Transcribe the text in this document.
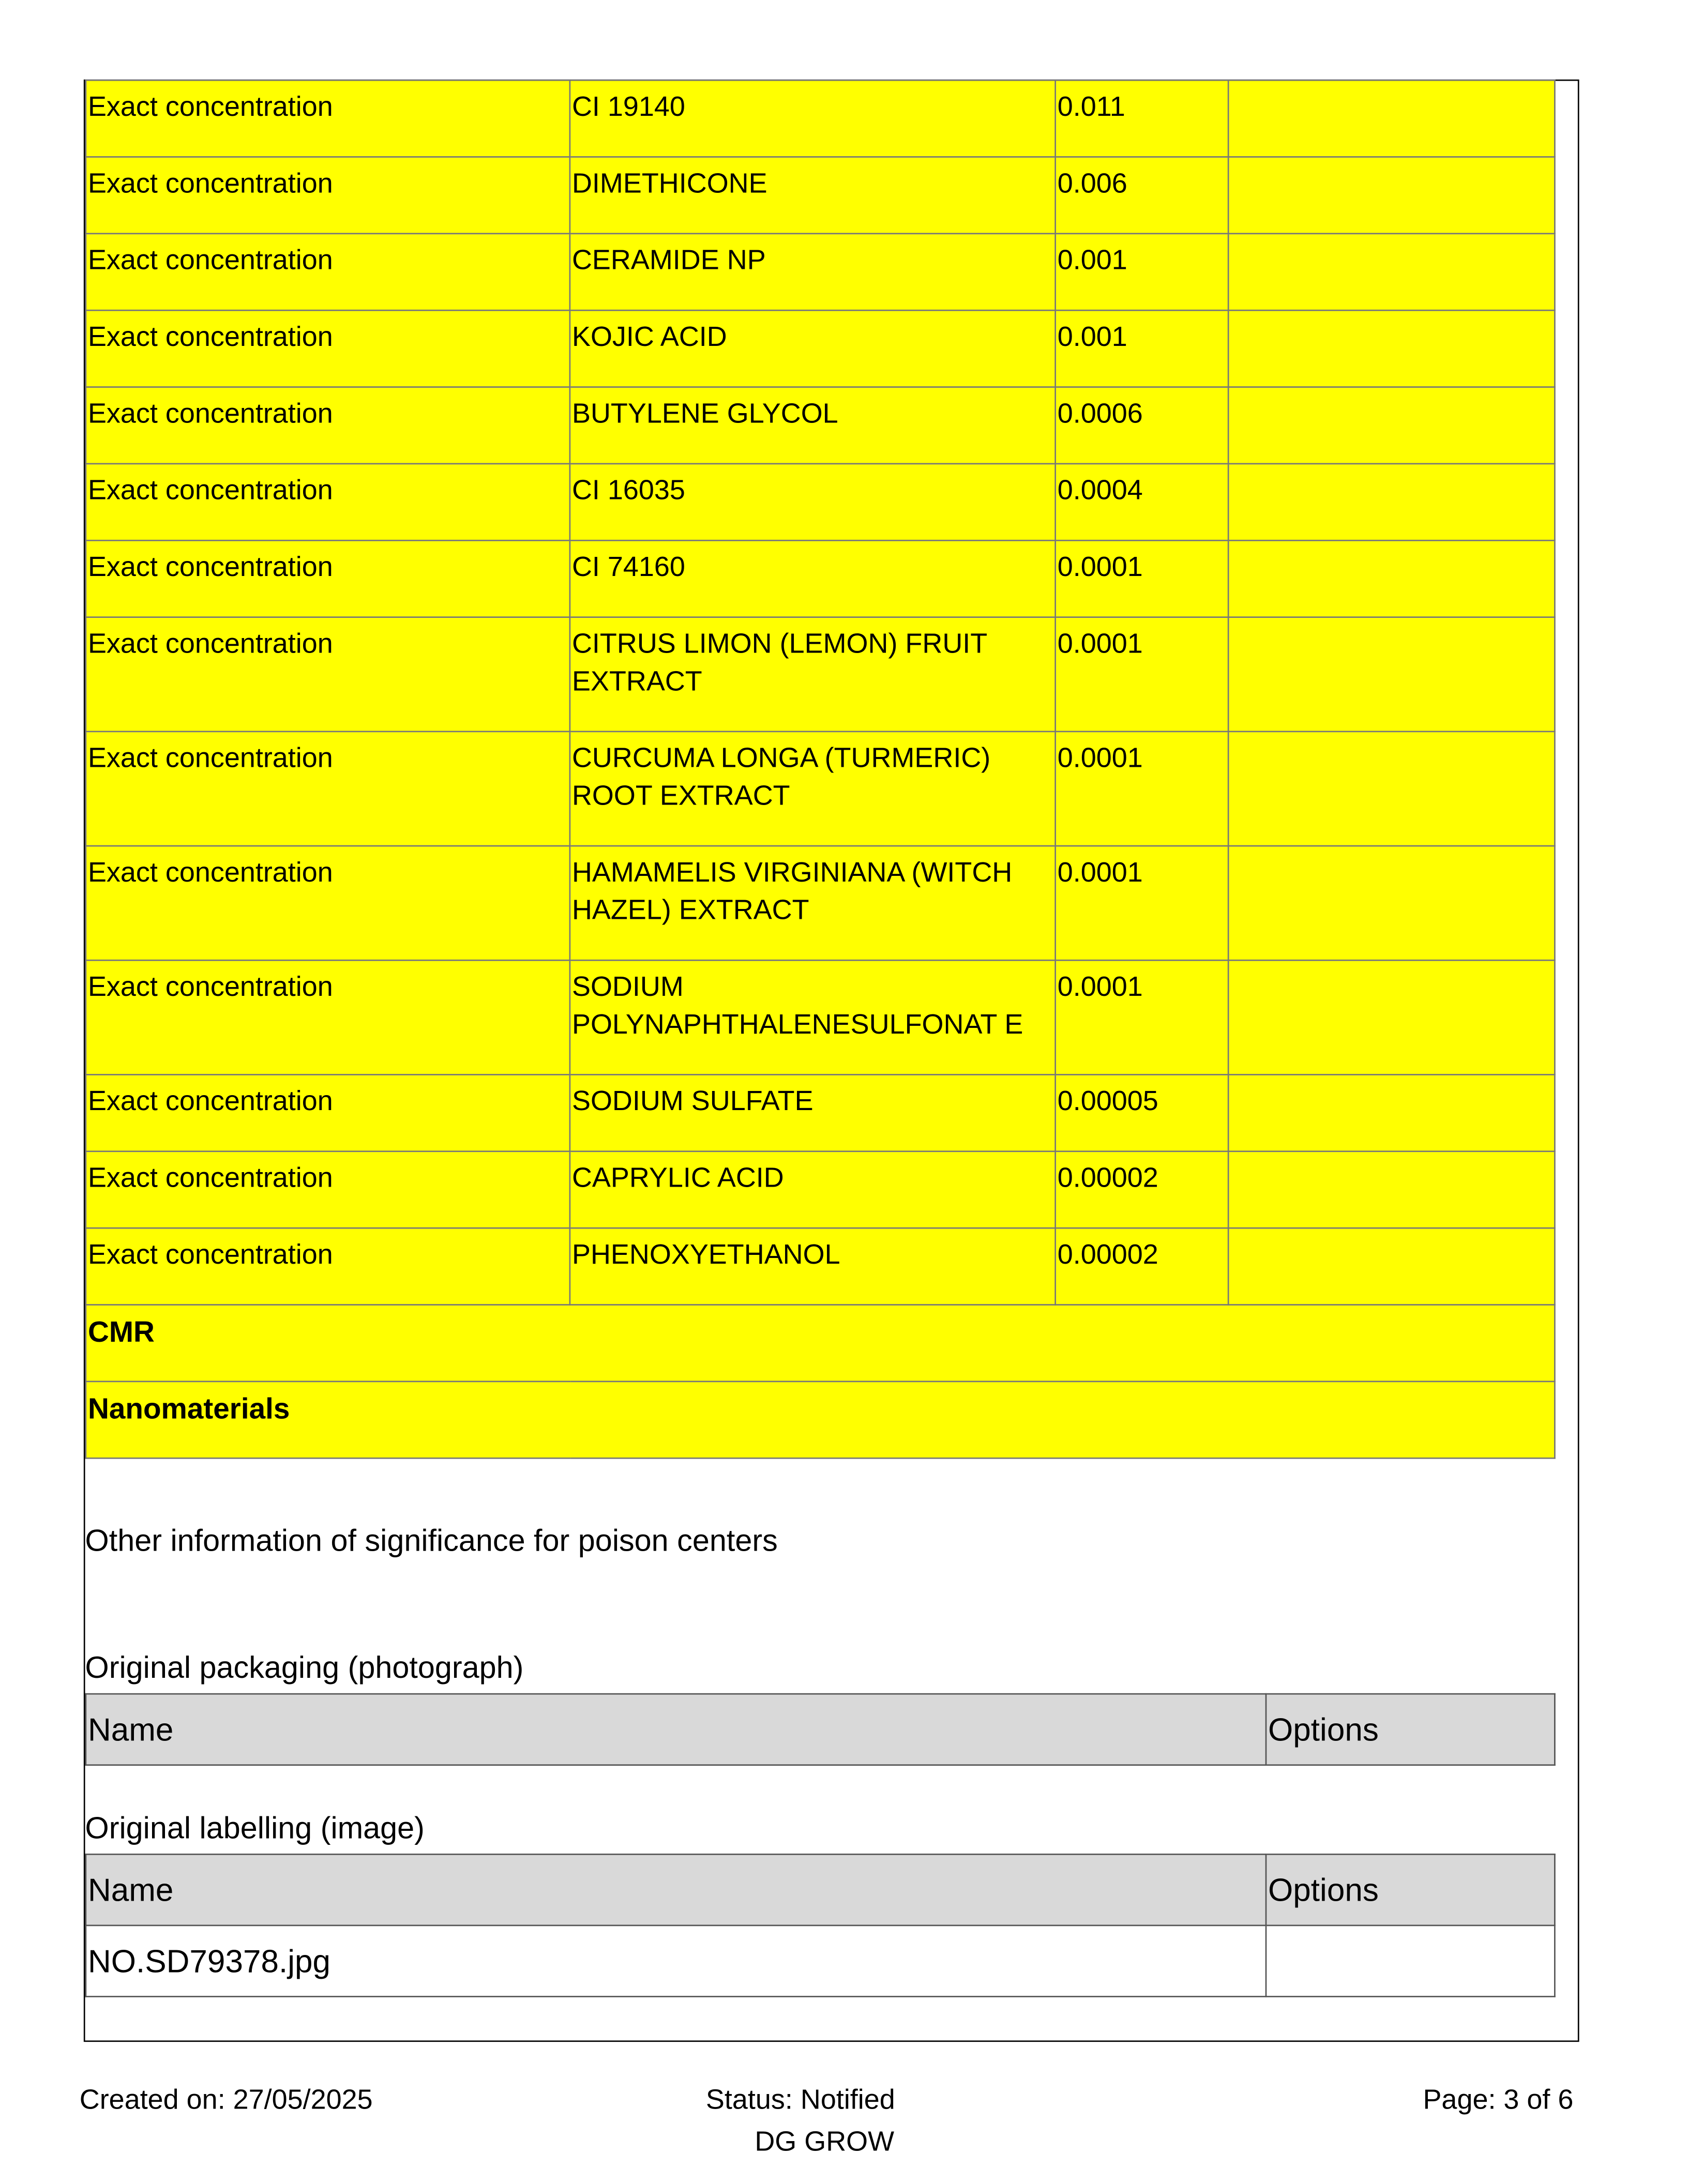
Exact concentration	CI 19140	0.011	
Exact concentration	DIMETHICONE	0.006	
Exact concentration	CERAMIDE NP	0.001	
Exact concentration	KOJIC ACID	0.001	
Exact concentration	BUTYLENE GLYCOL	0.0006	
Exact concentration	CI 16035	0.0004	
Exact concentration	CI 74160	0.0001	
Exact concentration	CITRUS LIMON (LEMON) FRUIT EXTRACT	0.0001	
Exact concentration	CURCUMA LONGA (TURMERIC) ROOT EXTRACT	0.0001	
Exact concentration	HAMAMELIS VIRGINIANA (WITCH HAZEL) EXTRACT	0.0001	
Exact concentration	SODIUM POLYNAPHTHALENESULFONAT E	0.0001	
Exact concentration	SODIUM SULFATE	0.00005	
Exact concentration	CAPRYLIC ACID	0.00002	
Exact concentration	PHENOXYETHANOL	0.00002	
CMR			
Nanomaterials			
Other information of significance for poison centers
Original packaging (photograph)
Name	Options
Original labelling (image)
Name	Options
NO.SD79378.jpg	
Created on: 27/05/2025	Status: Notified	Page: 3 of 6
DG GROW
